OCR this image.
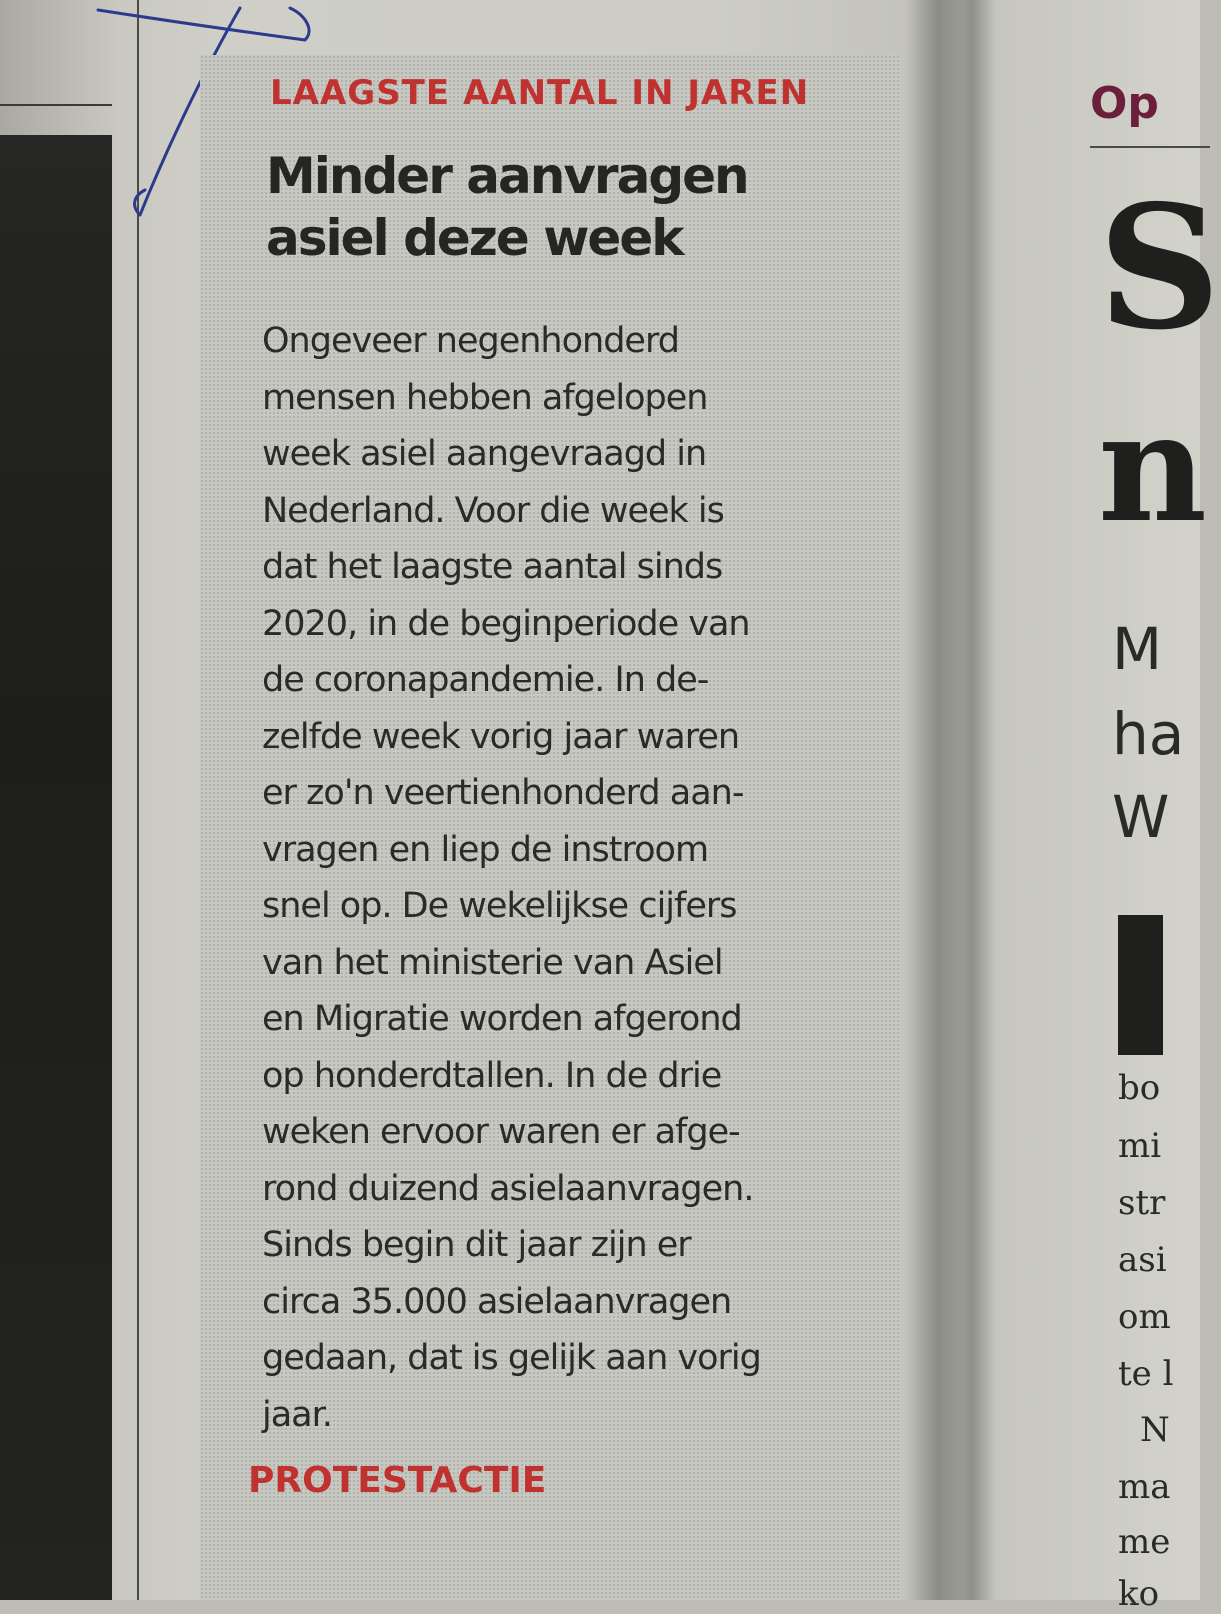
LAAGSTE AANTAL IN JAREN
Minder aanvragen
asiel deze week

Ongeveer negenhonderd
mensen hebben afgelopen
week asiel aangevraagd in
Nederland. Voor die week is
dat het laagste aantal sinds
2020, in de beginperiode van
de coronapandemie. In de-
zelfde week vorig jaar waren
er zo'n veertienhonderd aan-
vragen en liep de instroom
snel op. De wekelijkse cijfers
van het ministerie van Asiel
en Migratie worden afgerond
op honderdtallen. In de drie
weken ervoor waren er afge-
rond duizend asielaanvragen.
Sinds begin dit jaar zijn er
circa 35.000 asielaanvragen
gedaan, dat is gelijk aan vorig
jaar.

PROTESTACTIE
Op
S
n
M
ha
W
bo
mi
str
asi
om
te l
N
ma
me
ko
